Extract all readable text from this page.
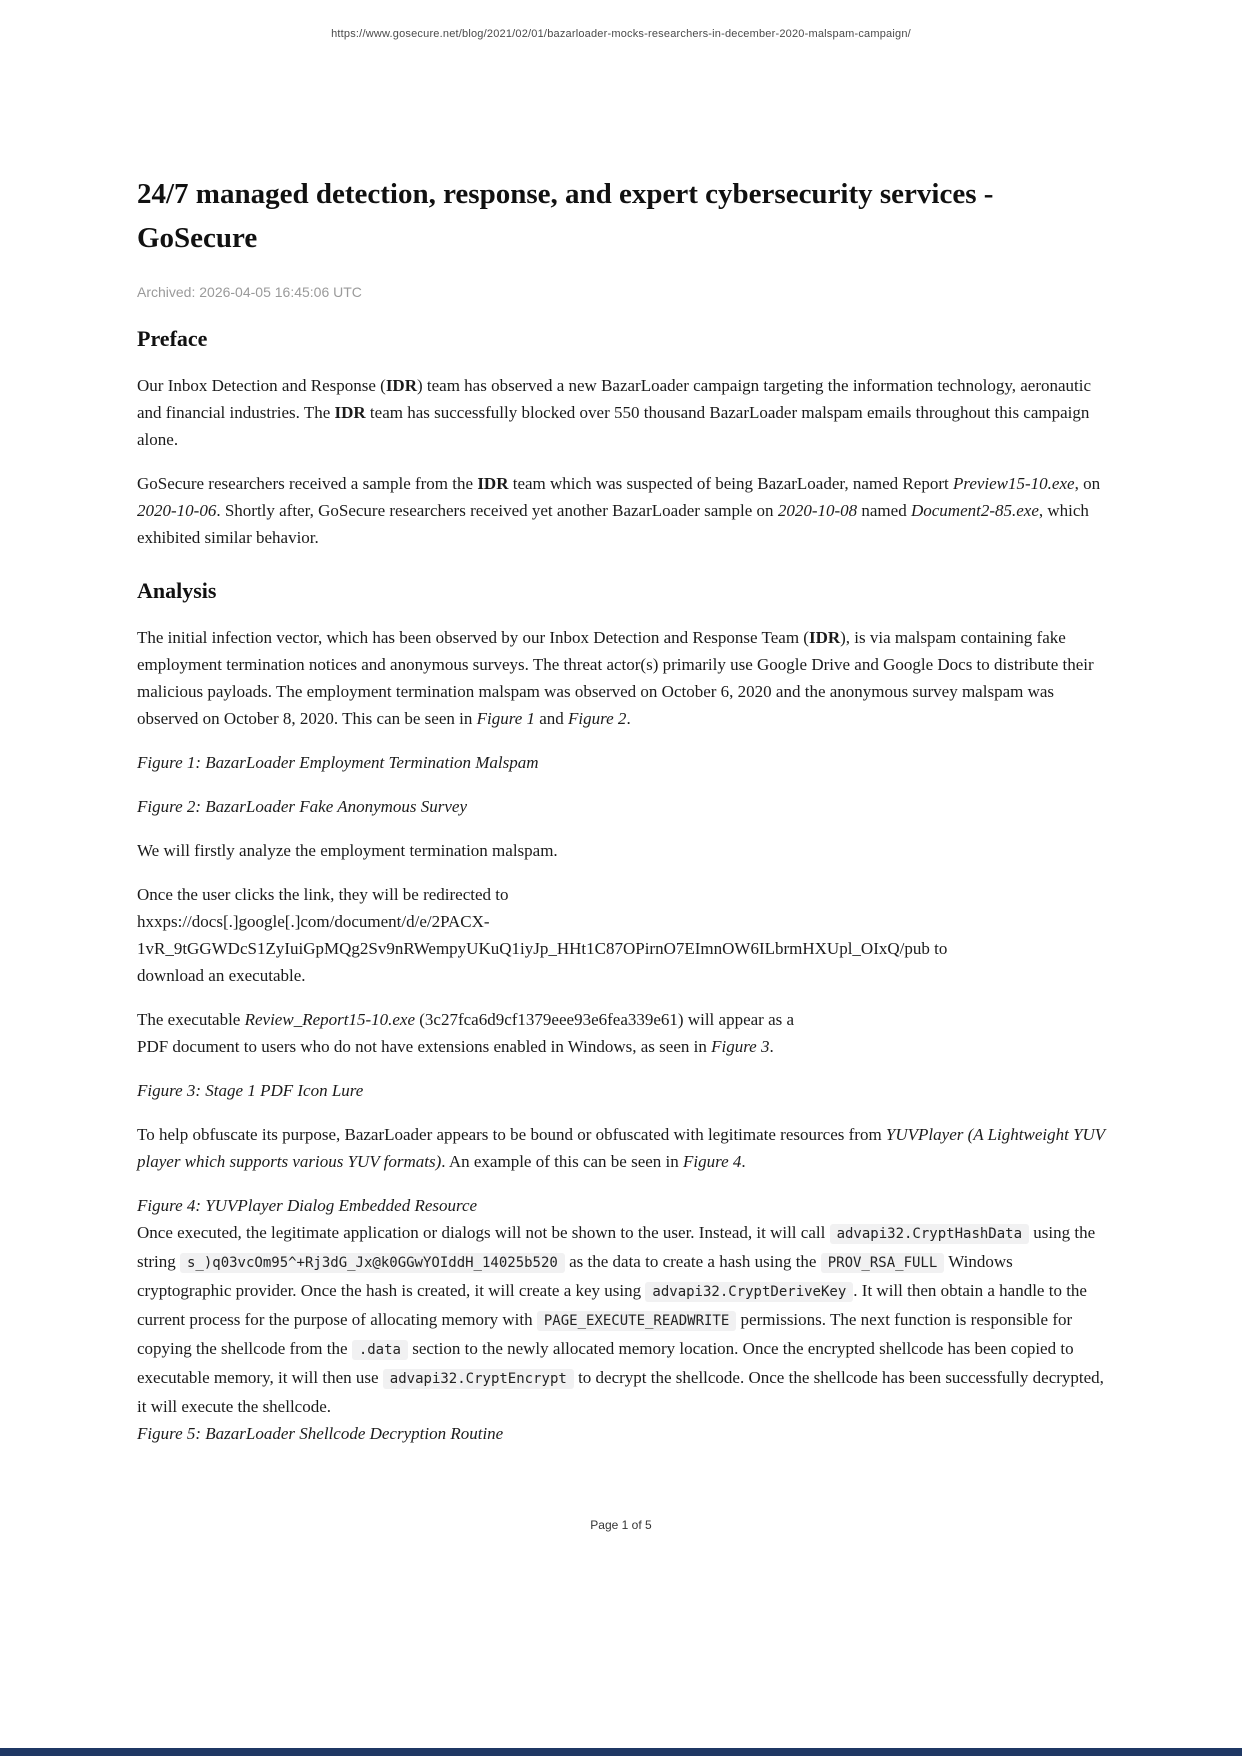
https://www.gosecure.net/blog/2021/02/01/bazarloader-mocks-researchers-in-december-2020-malspam-campaign/
24/7 managed detection, response, and expert cybersecurity services - GoSecure

Archived: 2026-04-05 16:45:06 UTC

Preface

Our Inbox Detection and Response (IDR) team has observed a new BazarLoader campaign targeting the information technology, aeronautic and financial industries. The IDR team has successfully blocked over 550 thousand BazarLoader malspam emails throughout this campaign alone.

GoSecure researchers received a sample from the IDR team which was suspected of being BazarLoader, named Report Preview15-10.exe, on 2020-10-06. Shortly after, GoSecure researchers received yet another BazarLoader sample on 2020-10-08 named Document2-85.exe, which exhibited similar behavior.

Analysis

The initial infection vector, which has been observed by our Inbox Detection and Response Team (IDR), is via malspam containing fake employment termination notices and anonymous surveys. The threat actor(s) primarily use Google Drive and Google Docs to distribute their malicious payloads. The employment termination malspam was observed on October 6, 2020 and the anonymous survey malspam was observed on October 8, 2020. This can be seen in Figure 1 and Figure 2.

Figure 1: BazarLoader Employment Termination Malspam

Figure 2: BazarLoader Fake Anonymous Survey

We will firstly analyze the employment termination malspam.

Once the user clicks the link, they will be redirected to
hxxps://docs[.]google[.]com/document/d/e/2PACX-
1vR_9tGGWDcS1ZyIuiGpMQg2Sv9nRWempyUKuQ1iyJp_HHt1C87OPirnO7EImnOW6ILbrmHXUpl_OIxQ/pub to
download an executable.

The executable Review_Report15-10.exe (3c27fca6d9cf1379eee93e6fea339e61) will appear as a
PDF document to users who do not have extensions enabled in Windows, as seen in Figure 3.

Figure 3: Stage 1 PDF Icon Lure

To help obfuscate its purpose, BazarLoader appears to be bound or obfuscated with legitimate resources from YUVPlayer (A Lightweight YUV player which supports various YUV formats). An example of this can be seen in Figure 4.

Figure 4: YUVPlayer Dialog Embedded Resource

Once executed, the legitimate application or dialogs will not be shown to the user. Instead, it will call advapi32.CryptHashData using the string s_)q03vcOm95^+Rj3dG_Jx@k0GGwYOIddH_14025b520 as the data to create a hash using the PROV_RSA_FULL Windows cryptographic provider. Once the hash is created, it will create a key using advapi32.CryptDeriveKey . It will then obtain a handle to the current process for the purpose of allocating memory with PAGE_EXECUTE_READWRITE permissions. The next function is responsible for copying the shellcode from the .data section to the newly allocated memory location. Once the encrypted shellcode has been copied to executable memory, it will then use advapi32.CryptEncrypt to decrypt the shellcode. Once the shellcode has been successfully decrypted, it will execute the shellcode.

Figure 5: BazarLoader Shellcode Decryption Routine

Page 1 of 5
